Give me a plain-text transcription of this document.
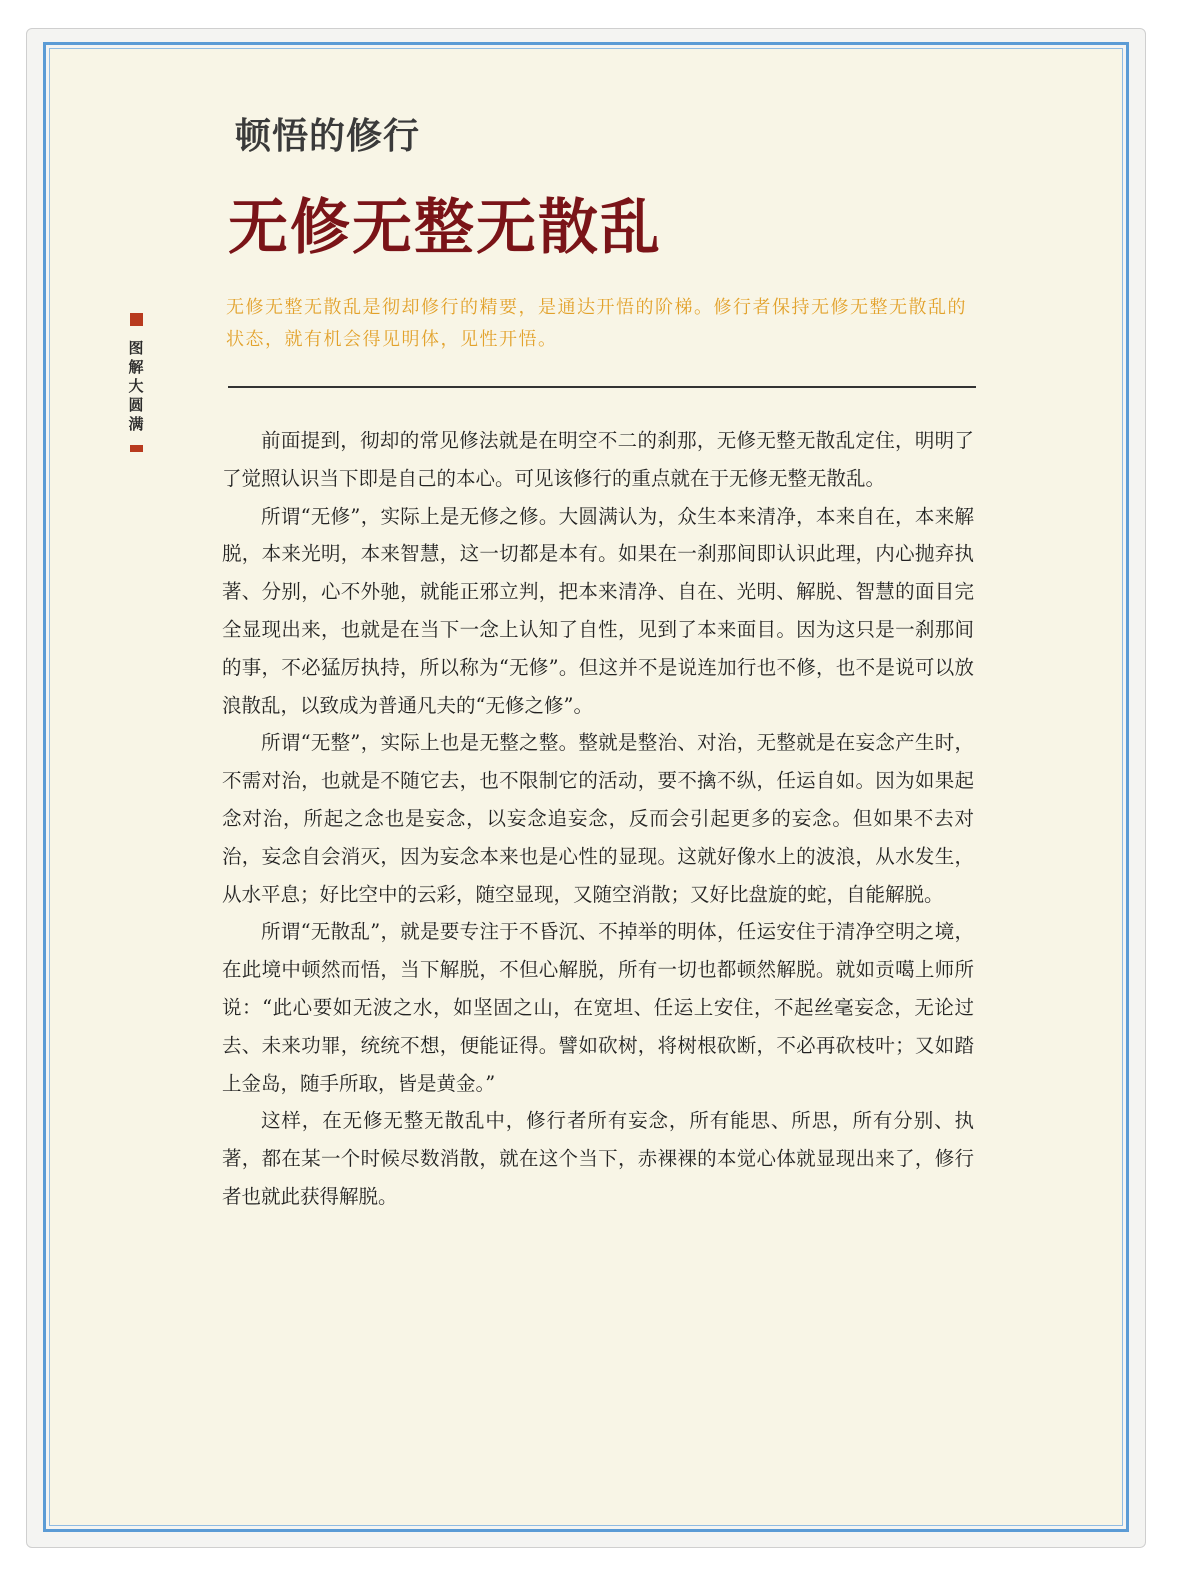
顿悟的修行
无修无整无散乱
图解大圆满
无修无整无散乱是彻却修行的精要，是通达开悟的阶梯。修行者保持无修无整无散乱的状态，就有机会得见明体，见性开悟。

前面提到，彻却的常见修法就是在明空不二的刹那，无修无整无散乱定住，明明了了觉照认识当下即是自己的本心。可见该修行的重点就在于无修无整无散乱。

所谓“无修”，实际上是无修之修。大圆满认为，众生本来清净，本来自在，本来解脱，本来光明，本来智慧，这一切都是本有。如果在一刹那间即认识此理，内心抛弃执著、分别，心不外驰，就能正邪立判，把本来清净、自在、光明、解脱、智慧的面目完全显现出来，也就是在当下一念上认知了自性，见到了本来面目。因为这只是一刹那间的事，不必猛厉执持，所以称为“无修”。但这并不是说连加行也不修，也不是说可以放浪散乱，以致成为普通凡夫的“无修之修”。

所谓“无整”，实际上也是无整之整。整就是整治、对治，无整就是在妄念产生时，不需对治，也就是不随它去，也不限制它的活动，要不擒不纵，任运自如。因为如果起念对治，所起之念也是妄念，以妄念追妄念，反而会引起更多的妄念。但如果不去对治，妄念自会消灭，因为妄念本来也是心性的显现。这就好像水上的波浪，从水发生，从水平息；好比空中的云彩，随空显现，又随空消散；又好比盘旋的蛇，自能解脱。

所谓“无散乱”，就是要专注于不昏沉、不掉举的明体，任运安住于清净空明之境，在此境中顿然而悟，当下解脱，不但心解脱，所有一切也都顿然解脱。就如贡噶上师所说：“此心要如无波之水，如坚固之山，在宽坦、任运上安住，不起丝毫妄念，无论过去、未来功罪，统统不想，便能证得。譬如砍树，将树根砍断，不必再砍枝叶；又如踏上金岛，随手所取，皆是黄金。”

这样，在无修无整无散乱中，修行者所有妄念，所有能思、所思，所有分别、执著，都在某一个时候尽数消散，就在这个当下，赤裸裸的本觉心体就显现出来了，修行者也就此获得解脱。
